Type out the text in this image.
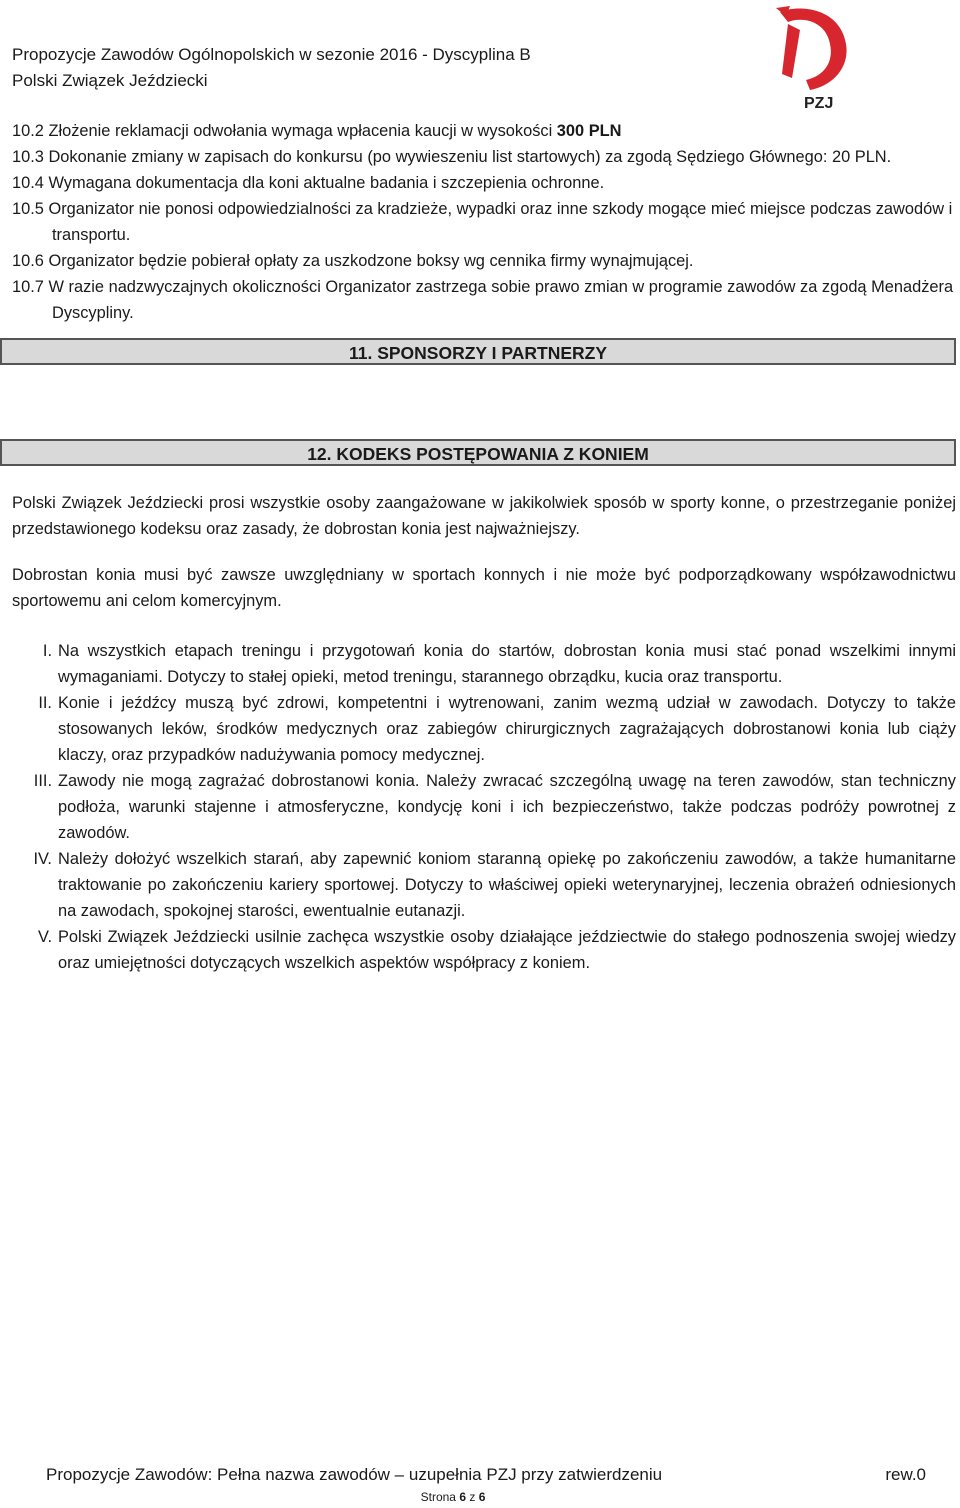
Propozycje Zawodów Ogólnopolskich w sezonie 2016 - Dyscyplina B
Polski Związek Jeździecki
PZJ
10.2 Złożenie reklamacji odwołania wymaga wpłacenia kaucji w wysokości 300 PLN
10.3 Dokonanie zmiany w zapisach do konkursu (po wywieszeniu list startowych) za zgodą Sędziego Głównego: 20 PLN.
10.4 Wymagana dokumentacja dla koni aktualne badania i szczepienia ochronne.
10.5 Organizator nie ponosi odpowiedzialności za kradzieże, wypadki oraz inne szkody mogące mieć miejsce podczas zawodów i transportu.
10.6 Organizator będzie pobierał opłaty za uszkodzone boksy wg cennika firmy wynajmującej.
10.7 W razie nadzwyczajnych okoliczności Organizator zastrzega sobie prawo zmian w programie zawodów za zgodą Menadżera Dyscypliny.
11. SPONSORZY I PARTNERZY
12. KODEKS POSTĘPOWANIA Z KONIEM

Polski Związek Jeździecki prosi wszystkie osoby zaangażowane w jakikolwiek sposób w sporty konne, o przestrzeganie poniżej przedstawionego kodeksu oraz zasady, że dobrostan konia jest najważniejszy.

Dobrostan konia musi być zawsze uwzględniany w sportach konnych i nie może być podporządkowany współzawodnictwu sportowemu ani celom komercyjnym.

I. Na wszystkich etapach treningu i przygotowań konia do startów, dobrostan konia musi stać ponad wszelkimi innymi wymaganiami. Dotyczy to stałej opieki, metod treningu, starannego obrządku, kucia oraz transportu.
II. Konie i jeźdźcy muszą być zdrowi, kompetentni i wytrenowani, zanim wezmą udział w zawodach. Dotyczy to także stosowanych leków, środków medycznych oraz zabiegów chirurgicznych zagrażających dobrostanowi konia lub ciąży klaczy, oraz przypadków nadużywania pomocy medycznej.
III. Zawody nie mogą zagrażać dobrostanowi konia. Należy zwracać szczególną uwagę na teren zawodów, stan techniczny podłoża, warunki stajenne i atmosferyczne, kondycję koni i ich bezpieczeństwo, także podczas podróży powrotnej z zawodów.
IV. Należy dołożyć wszelkich starań, aby zapewnić koniom staranną opiekę po zakończeniu zawodów, a także humanitarne traktowanie po zakończeniu kariery sportowej. Dotyczy to właściwej opieki weterynaryjnej, leczenia obrażeń odniesionych na zawodach, spokojnej starości, ewentualnie eutanazji.
V. Polski Związek Jeździecki usilnie zachęca wszystkie osoby działające jeździectwie do stałego podnoszenia swojej wiedzy oraz umiejętności dotyczących wszelkich aspektów współpracy z koniem.
Propozycje Zawodów: Pełna nazwa zawodów – uzupełnia PZJ przy zatwierdzeniu	rew.0
Strona 6 z 6
